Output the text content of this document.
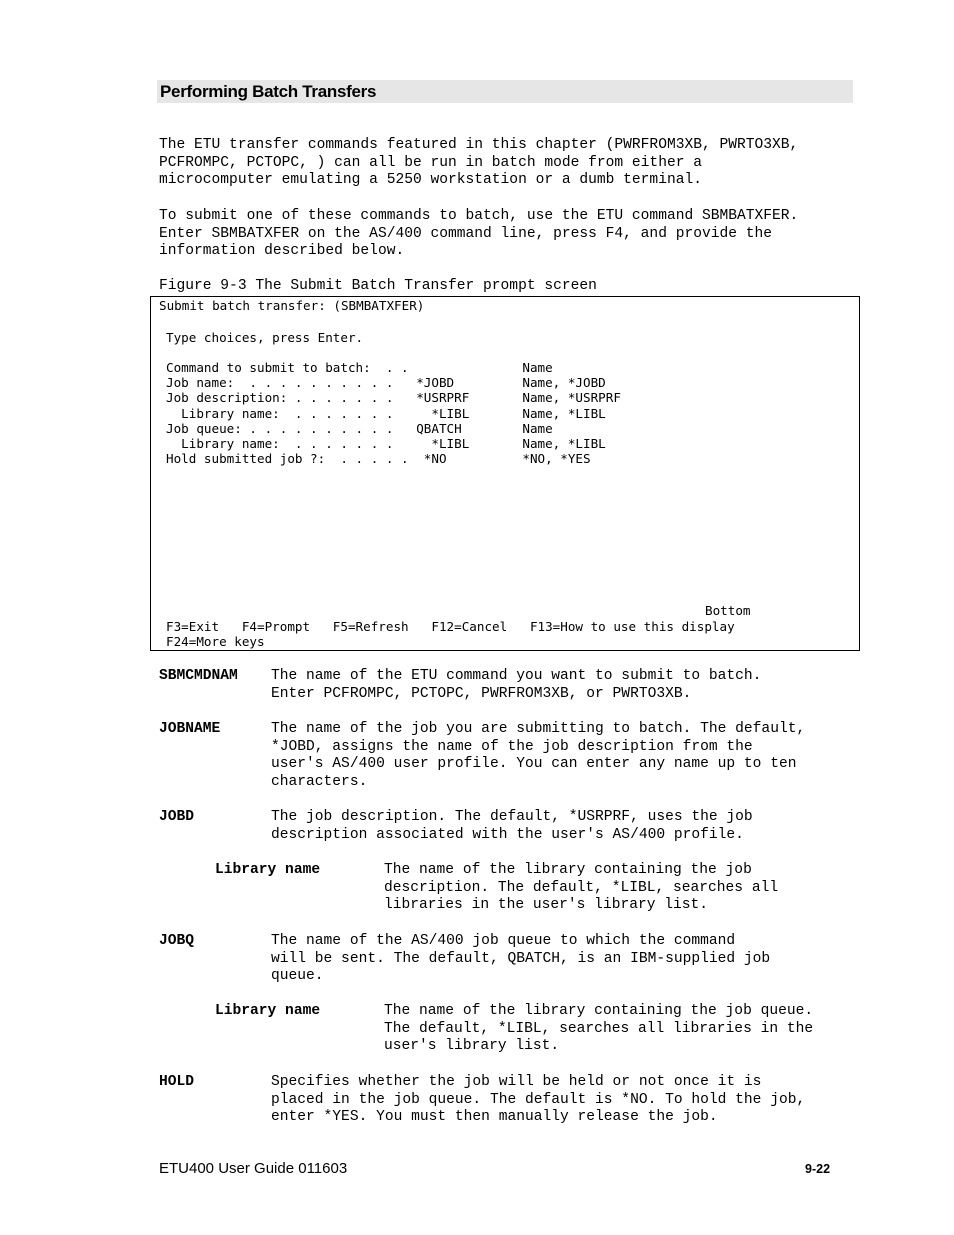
Performing Batch Transfers
The ETU transfer commands featured in this chapter (PWRFROM3XB, PWRTO3XB,
PCFROMPC, PCTOPC, ) can all be run in batch mode from either a
microcomputer emulating a 5250 workstation or a dumb terminal.
To submit one of these commands to batch, use the ETU command SBMBATXFER.
Enter SBMBATXFER on the AS/400 command line, press F4, and provide the
information described below.
Figure 9-3 The Submit Batch Transfer prompt screen
Submit batch transfer: (SBMBATXFER)
Type choices, press Enter.
Command to submit to batch:  . .               Name
Job name:  . . . . . . . . . .   *JOBD         Name, *JOBD
Job description: . . . . . . .   *USRPRF       Name, *USRPRF
Library name:  . . . . . . .     *LIBL       Name, *LIBL
Job queue: . . . . . . . . . .   QBATCH        Name
Library name:  . . . . . . .     *LIBL       Name, *LIBL
Hold submitted job ?:  . . . . .  *NO          *NO, *YES
Bottom
F3=Exit   F4=Prompt   F5=Refresh   F12=Cancel   F13=How to use this display
F24=More keys
SBMCMDNAM The name of the ETU command you want to submit to batch.
Enter PCFROMPC, PCTOPC, PWRFROM3XB, or PWRTO3XB.
JOBNAME	The name of the job you are submitting to batch. The default,
*JOBD, assigns the name of the job description from the
user's AS/400 user profile. You can enter any name up to ten
characters.
JOBD	The job description. The default, *USRPRF, uses the job
description associated with the user's AS/400 profile.
Library name	The name of the library containing the job
description. The default, *LIBL, searches all
libraries in the user's library list.
JOBQ	The name of the AS/400 job queue to which the command
will be sent. The default, QBATCH, is an IBM-supplied job
queue.
Library name	The name of the library containing the job queue.
The default, *LIBL, searches all libraries in the
user's library list.
HOLD	Specifies whether the job will be held or not once it is
placed in the job queue. The default is *NO. To hold the job,
enter *YES. You must then manually release the job.
ETU400 User Guide 011603	9-22
